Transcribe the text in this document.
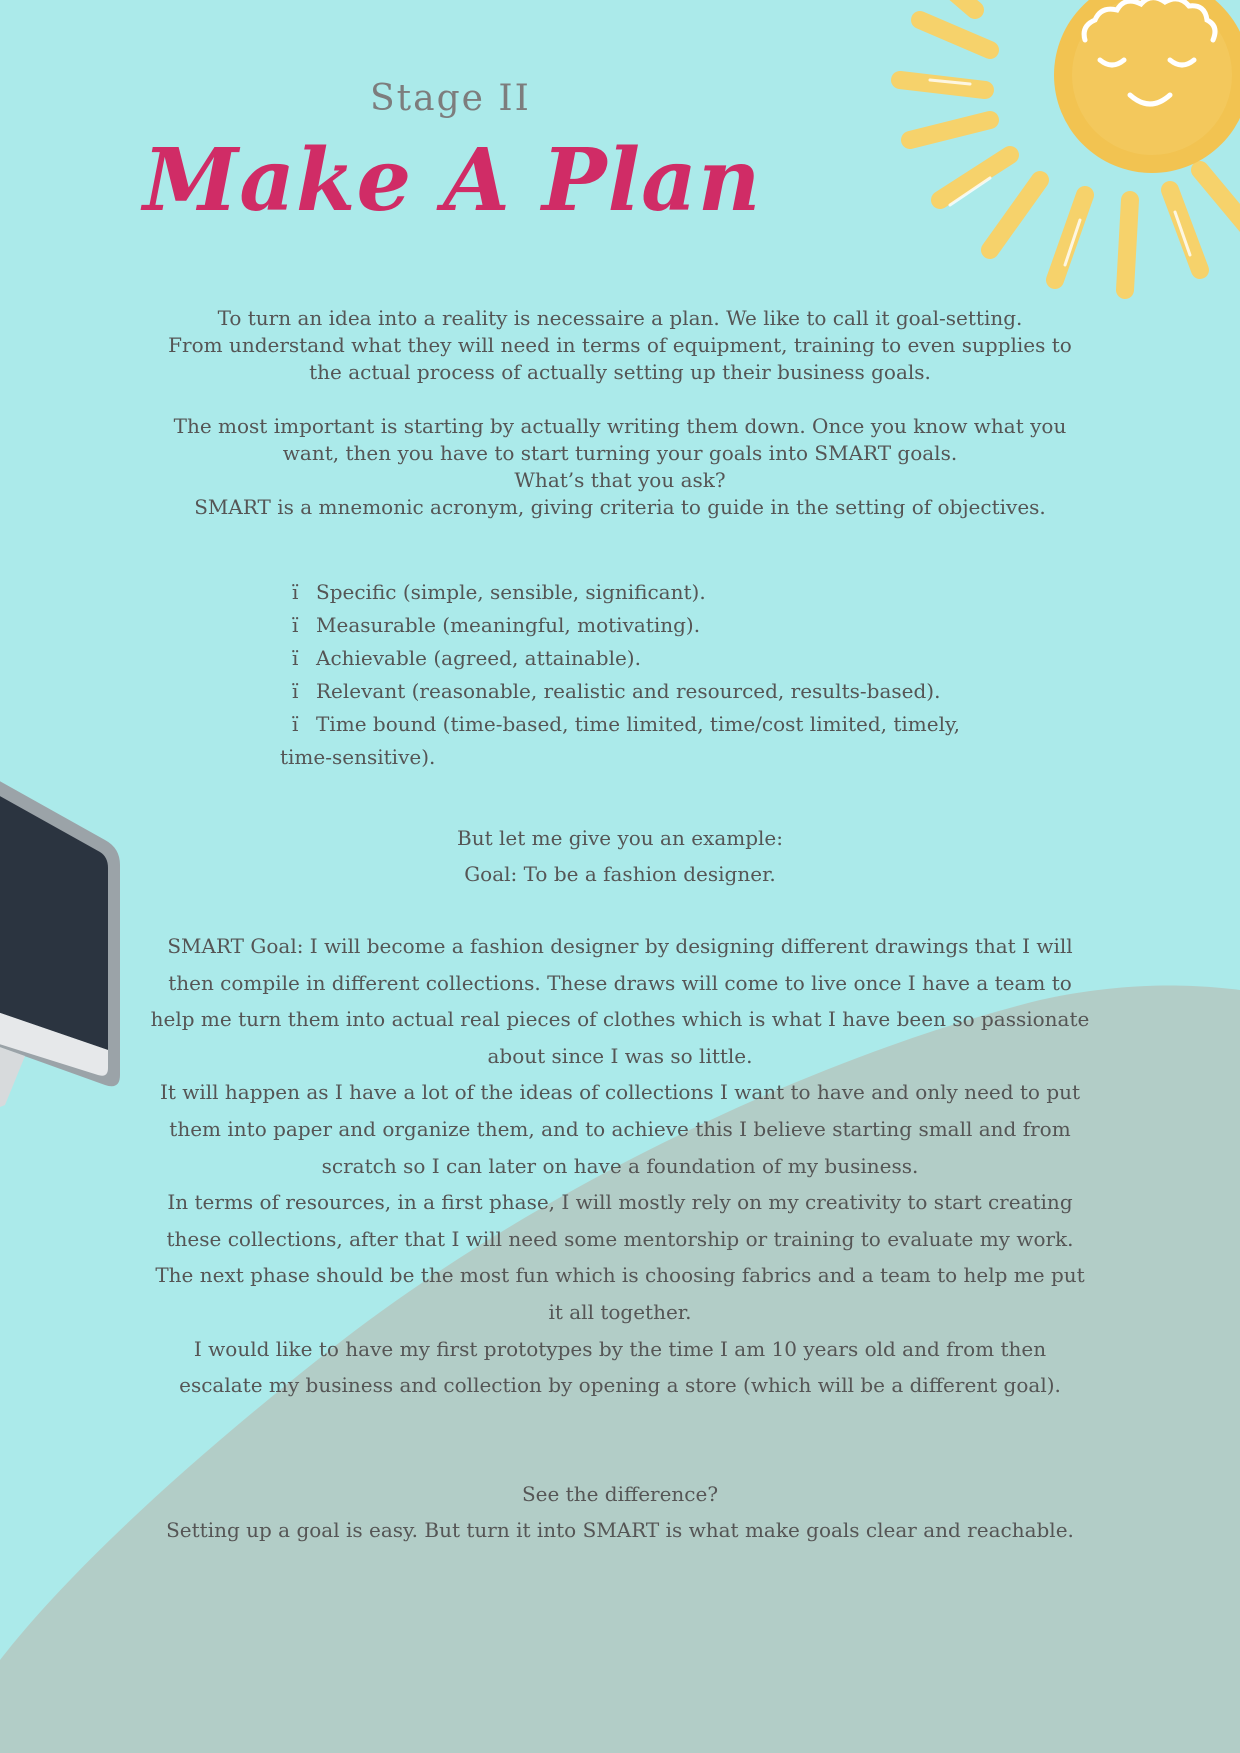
Stage II
Make A Plan
To turn an idea into a reality is necessaire a plan. We like to call it goal-setting.
From understand what they will need in terms of equipment, training to even supplies to
the actual process of actually setting up their business goals.
The most important is starting by actually writing them down. Once you know what you
want, then you have to start turning your goals into SMART goals.
What’s that you ask?
SMART is a mnemonic acronym, giving criteria to guide in the setting of objectives.
ï Specific (simple, sensible, significant).
ï Measurable (meaningful, motivating).
ï Achievable (agreed, attainable).
ï Relevant (reasonable, realistic and resourced, results-based).
ï Time bound (time-based, time limited, time/cost limited, timely,
time-sensitive).
But let me give you an example:
Goal: To be a fashion designer.
SMART Goal: I will become a fashion designer by designing different drawings that I will
then compile in different collections. These draws will come to live once I have a team to
help me turn them into actual real pieces of clothes which is what I have been so passionate
about since I was so little.
It will happen as I have a lot of the ideas of collections I want to have and only need to put
them into paper and organize them, and to achieve this I believe starting small and from
scratch so I can later on have a foundation of my business.
In terms of resources, in a first phase, I will mostly rely on my creativity to start creating
these collections, after that I will need some mentorship or training to evaluate my work.
The next phase should be the most fun which is choosing fabrics and a team to help me put
it all together.
I would like to have my first prototypes by the time I am 10 years old and from then
escalate my business and collection by opening a store (which will be a different goal).
See the difference?
Setting up a goal is easy. But turn it into SMART is what make goals clear and reachable.
